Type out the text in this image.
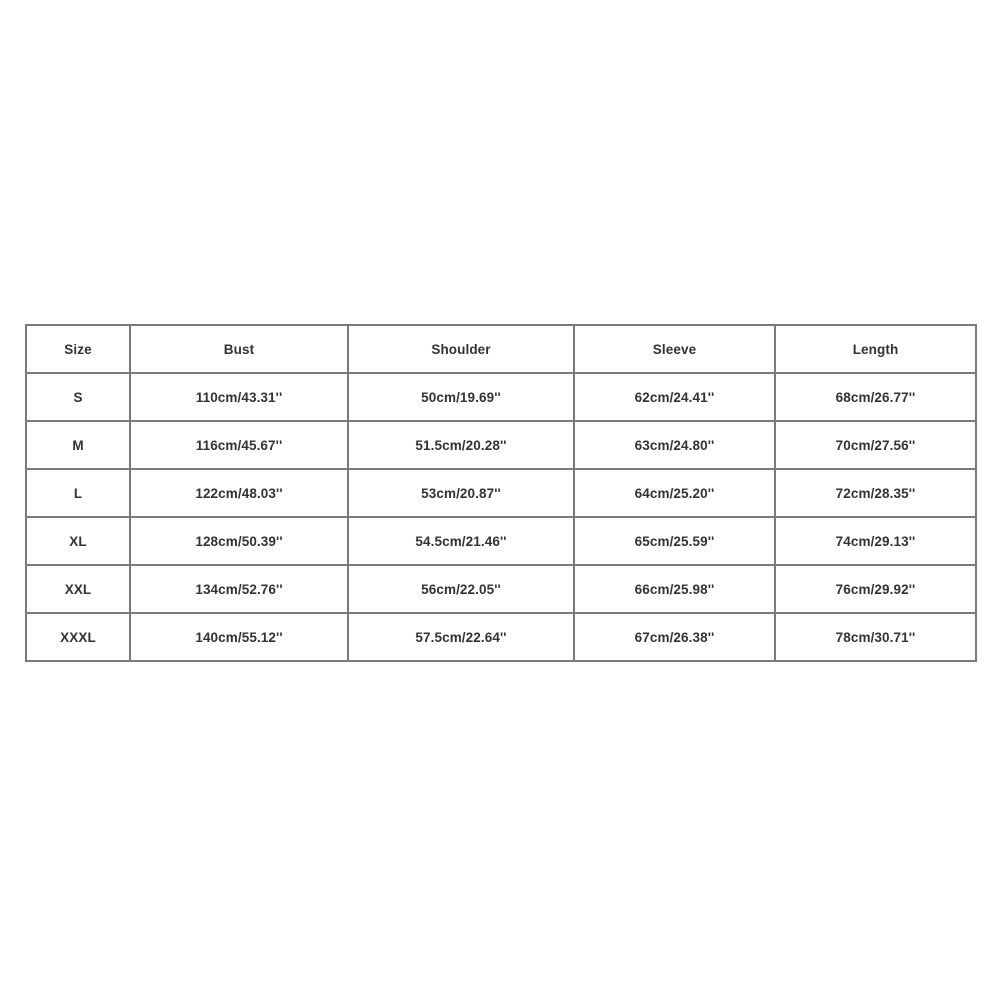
Size	Bust	Shoulder	Sleeve	Length
S	110cm/43.31''	50cm/19.69''	62cm/24.41''	68cm/26.77''
M	116cm/45.67''	51.5cm/20.28''	63cm/24.80''	70cm/27.56''
L	122cm/48.03''	53cm/20.87''	64cm/25.20''	72cm/28.35''
XL	128cm/50.39''	54.5cm/21.46''	65cm/25.59''	74cm/29.13''
XXL	134cm/52.76''	56cm/22.05''	66cm/25.98''	76cm/29.92''
XXXL	140cm/55.12''	57.5cm/22.64''	67cm/26.38''	78cm/30.71''
